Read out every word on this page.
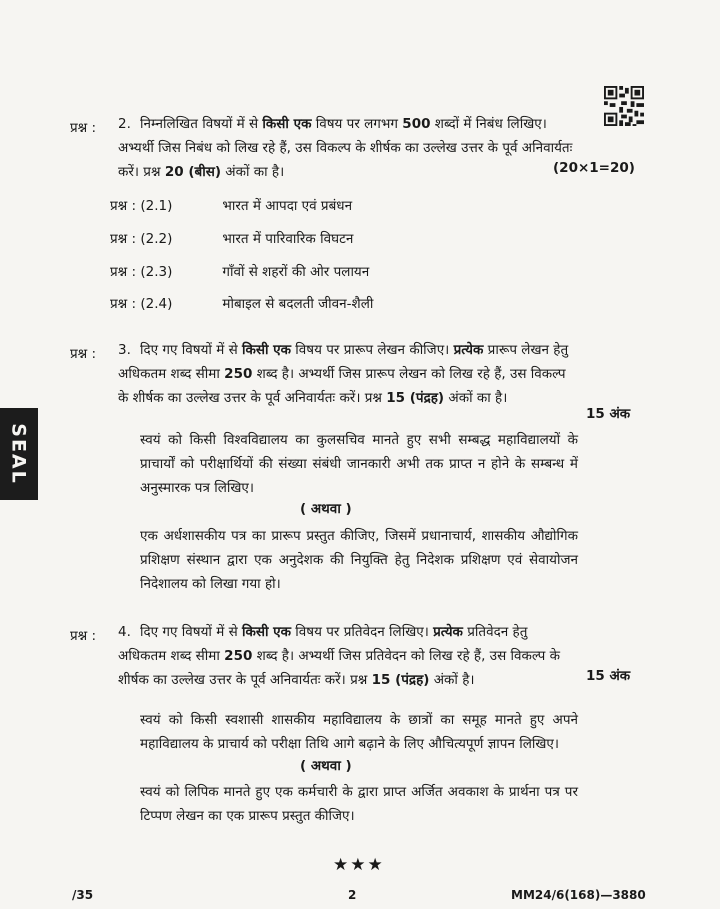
SEAL
प्रश्न : 2. निम्नलिखित विषयों में से किसी एक विषय पर लगभग 500 शब्दों में निबंध लिखिए। अभ्यर्थी जिस निबंध को लिख रहे हैं, उस विकल्प के शीर्षक का उल्लेख उत्तर के पूर्व अनिवार्यतः करें। प्रश्न 20 (बीस) अंकों का है।	(20×1=20)
प्रश्न : (2.1)	भारत में आपदा एवं प्रबंधन
प्रश्न : (2.2)	भारत में पारिवारिक विघटन
प्रश्न : (2.3)	गाँवों से शहरों की ओर पलायन
प्रश्न : (2.4)	मोबाइल से बदलती जीवन-शैली
प्रश्न : 3. दिए गए विषयों में से किसी एक विषय पर प्रारूप लेखन कीजिए। प्रत्येक प्रारूप लेखन हेतु अधिकतम शब्द सीमा 250 शब्द है। अभ्यर्थी जिस प्रारूप लेखन को लिख रहे हैं, उस विकल्प के शीर्षक का उल्लेख उत्तर के पूर्व अनिवार्यतः करें। प्रश्न 15 (पंद्रह) अंकों का है।
15 अंक
स्वयं को किसी विश्वविद्यालय का कुलसचिव मानते हुए सभी सम्बद्ध महाविद्यालयों के प्राचार्यों को परीक्षार्थियों की संख्या संबंधी जानकारी अभी तक प्राप्त न होने के सम्बन्ध में अनुस्मारक पत्र लिखिए।
( अथवा )
एक अर्धशासकीय पत्र का प्रारूप प्रस्तुत कीजिए, जिसमें प्रधानाचार्य, शासकीय औद्योगिक प्रशिक्षण संस्थान द्वारा एक अनुदेशक की नियुक्ति हेतु निदेशक प्रशिक्षण एवं सेवायोजन निदेशालय को लिखा गया हो।
प्रश्न : 4. दिए गए विषयों में से किसी एक विषय पर प्रतिवेदन लिखिए। प्रत्येक प्रतिवेदन हेतु अधिकतम शब्द सीमा 250 शब्द है। अभ्यर्थी जिस प्रतिवेदन को लिख रहे हैं, उस विकल्प के शीर्षक का उल्लेख उत्तर के पूर्व अनिवार्यतः करें। प्रश्न 15 (पंद्रह) अंकों है।	15 अंक
स्वयं को किसी स्वशासी शासकीय महाविद्यालय के छात्रों का समूह मानते हुए अपने महाविद्यालय के प्राचार्य को परीक्षा तिथि आगे बढ़ाने के लिए औचित्यपूर्ण ज्ञापन लिखिए।
( अथवा )
स्वयं को लिपिक मानते हुए एक कर्मचारी के द्वारा प्राप्त अर्जित अवकाश के प्रार्थना पत्र पर टिप्पण लेखन का एक प्रारूप प्रस्तुत कीजिए।
★★★
/35	2	MM24/6(168)—3880
